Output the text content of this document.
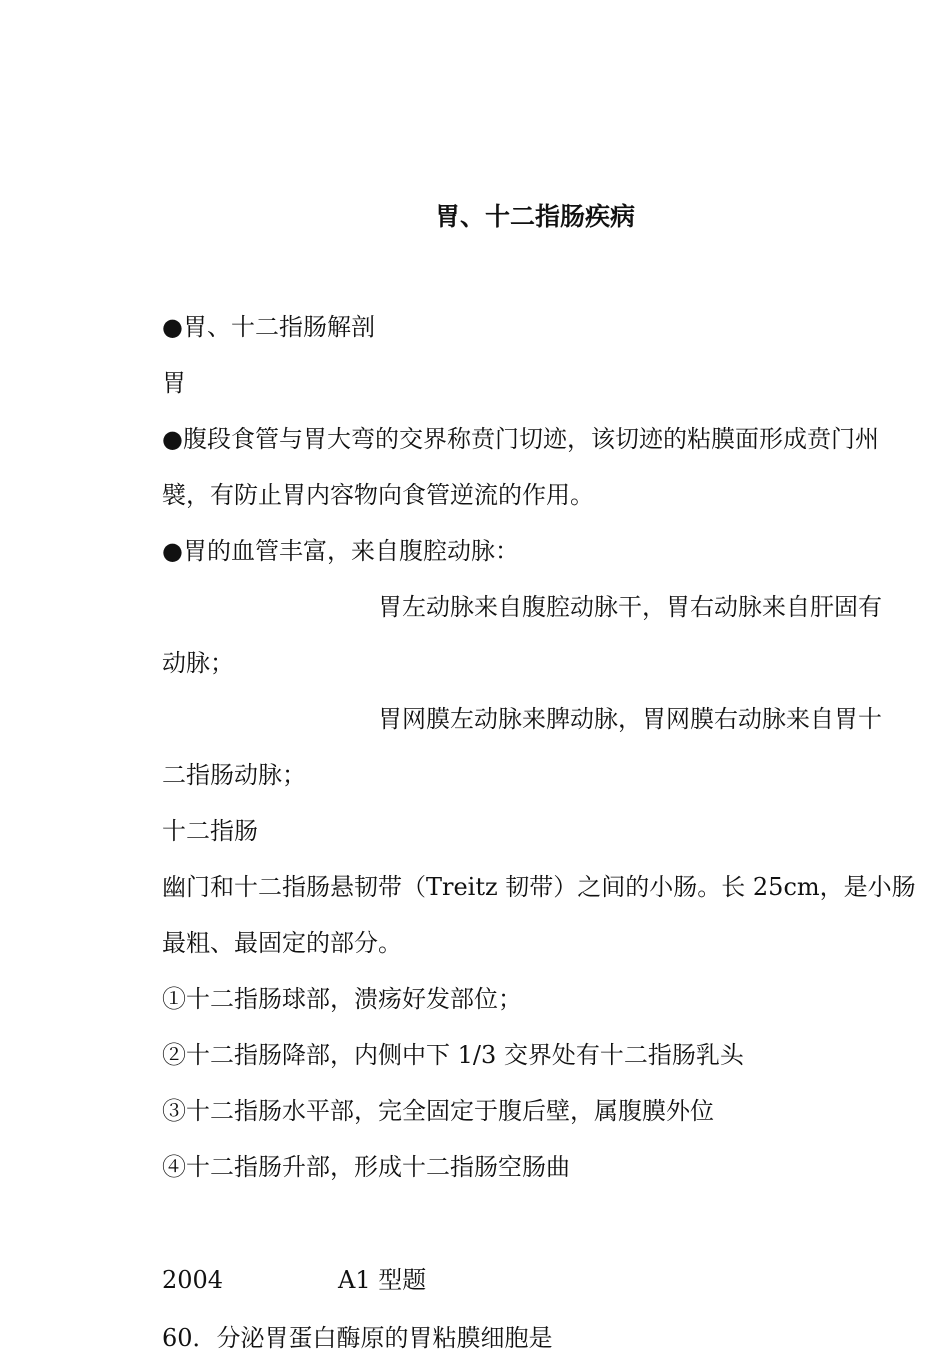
胃、十二指肠疾病
●胃、十二指肠解剖
胃
●腹段食管与胃大弯的交界称贲门切迹，该切迹的粘膜面形成贲门州
襞，有防止胃内容物向食管逆流的作用。
●胃的血管丰富，来自腹腔动脉：
胃左动脉来自腹腔动脉干，胃右动脉来自肝固有
动脉；
胃网膜左动脉来脾动脉，胃网膜右动脉来自胃十
二指肠动脉；
十二指肠
幽门和十二指肠悬韧带（Treitz 韧带）之间的小肠。长 25cm，是小肠
最粗、最固定的部分。
①十二指肠球部，溃疡好发部位；
②十二指肠降部，内侧中下 1/3 交界处有十二指肠乳头
③十二指肠水平部，完全固定于腹后壁，属腹膜外位
④十二指肠升部，形成十二指肠空肠曲
2004	A1 型题
60．分泌胃蛋白酶原的胃粘膜细胞是
